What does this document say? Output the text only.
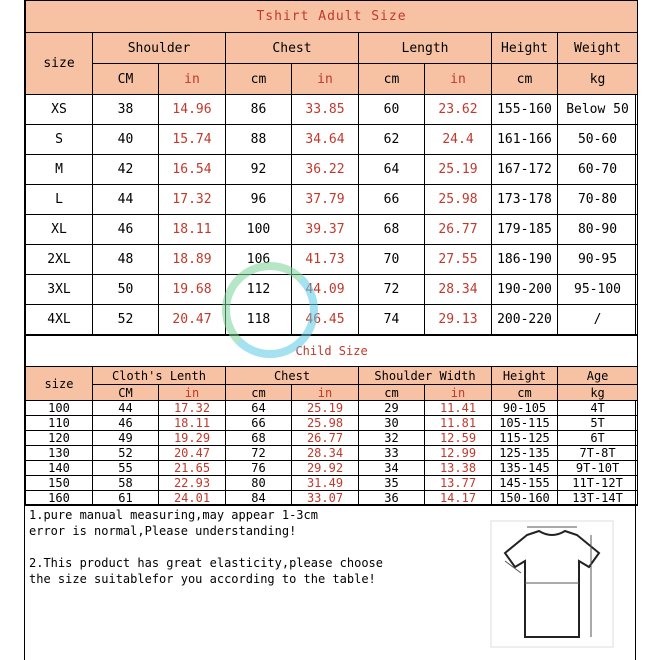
Tshirt Adult Size								
size	Shoulder		Chest		Length		Height	Weight
	CM	in	cm	in	cm	in	cm	kg
XS	38	14.96	86	33.85	60	23.62	155-160	Below 50
S	40	15.74	88	34.64	62	24.4	161-166	50-60
M	42	16.54	92	36.22	64	25.19	167-172	60-70
L	44	17.32	96	37.79	66	25.98	173-178	70-80
XL	46	18.11	100	39.37	68	26.77	179-185	80-90
2XL	48	18.89	106	41.73	70	27.55	186-190	90-95
3XL	50	19.68	112	44.09	72	28.34	190-200	95-100
4XL	52	20.47	118	46.45	74	29.13	200-220	/
Child Size								
size	Cloth's Lenth		Chest		Shoulder Width		Height	Age
	CM	in	cm	in	cm	in	cm	kg
100	44	17.32	64	25.19	29	11.41	90-105	4T
110	46	18.11	66	25.98	30	11.81	105-115	5T
120	49	19.29	68	26.77	32	12.59	115-125	6T
130	52	20.47	72	28.34	33	12.99	125-135	7T-8T
140	55	21.65	76	29.92	34	13.38	135-145	9T-10T
150	58	22.93	80	31.49	35	13.77	145-155	11T-12T
160	61	24.01	84	33.07	36	14.17	150-160	13T-14T
1.pure manual measuring,may appear 1-3cm
error is normal,Please understanding!
2.This product has great elasticity,please choose
the size suitablefor you according to the table!
